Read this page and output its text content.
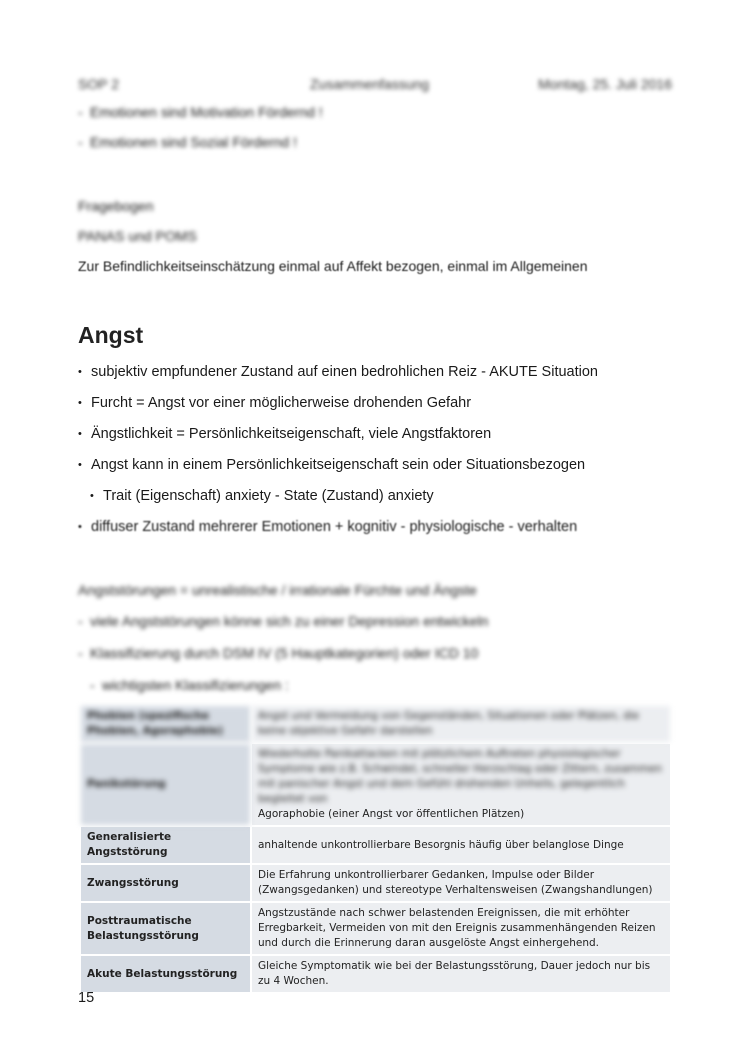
SOP 2	Zusammenfassung	Montag, 25. Juli 2016
- Emotionen sind Motivation Fördernd !
- Emotionen sind Sozial Fördernd !
Fragebogen
PANAS und POMS
Zur Befindlichkeitseinschätzung einmal auf Affekt bezogen, einmal im Allgemeinen
Angst
• subjektiv empfundener Zustand auf einen bedrohlichen Reiz - AKUTE Situation
• Furcht = Angst vor einer möglicherweise drohenden Gefahr
• Ängstlichkeit = Persönlichkeitseigenschaft, viele Angstfaktoren
• Angst kann in einem Persönlichkeitseigenschaft sein oder Situationsbezogen
• Trait (Eigenschaft) anxiety - State (Zustand) anxiety
• diffuser Zustand mehrerer Emotionen + kognitiv - physiologische - verhalten
Angststörungen = unrealistische / irrationale Fürchte und Ängste
- viele Angststörungen könne sich zu einer Depression entwickeln
- Klassifizierung durch DSM IV (5 Hauptkategorien) oder ICD 10
- wichtigsten Klassifizierungen :
Phobien (spezifische Phobien, Agoraphobie)	Angst und Vermeidung von Gegenständen, Situationen oder Plätzen, die keine objektive Gefahr darstellen
Panikstörung	Wiederholte Panikattacken mit plötzlichem Auftreten physiologischer Symptome wie z.B. Schwindel, schneller Herzschlag oder Zittern, zusammen mit panischer Angst und dem Gefühl drohenden Unheils, gelegentlich begleitet von
Agoraphobie (einer Angst vor öffentlichen Plätzen)

Generalisierte Angststörung	anhaltende unkontrollierbare Besorgnis häufig über belanglose Dinge
Zwangsstörung	Die Erfahrung unkontrollierbarer Gedanken, Impulse oder Bilder (Zwangsgedanken) und stereotype Verhaltensweisen (Zwangshandlungen)
Posttraumatische Belastungsstörung	Angstzustände nach schwer belastenden Ereignissen, die mit erhöhter Erregbarkeit, Vermeiden von mit den Ereignis zusammenhängenden Reizen und durch die Erinnerung daran ausgelöste Angst einhergehend.
Akute Belastungsstörung	Gleiche Symptomatik wie bei der Belastungsstörung, Dauer jedoch nur bis zu 4 Wochen.
15
